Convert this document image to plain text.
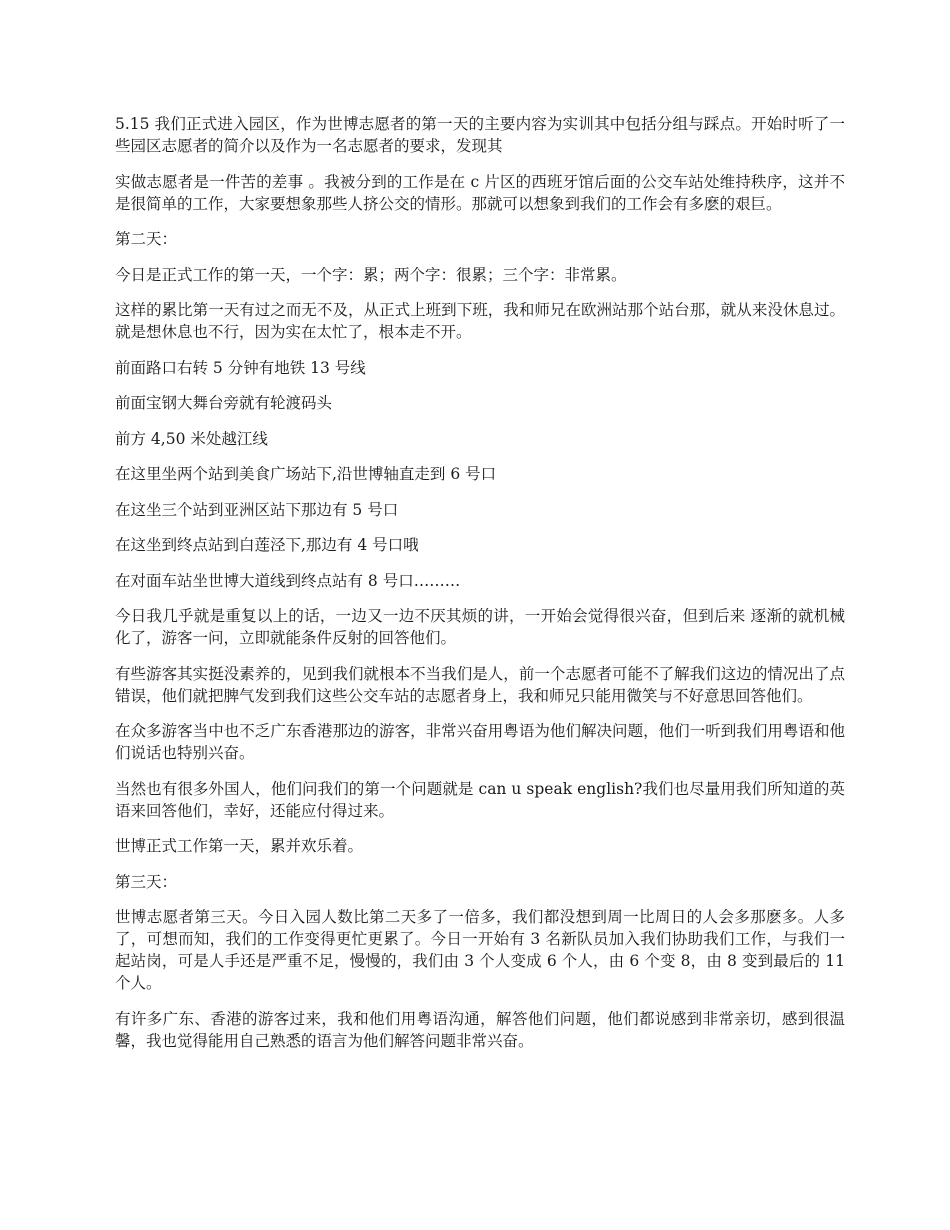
5.15 我们正式进入园区，作为世博志愿者的第一天的主要内容为实训其中包括分组与踩点。开始时听了一些园区志愿者的简介以及作为一名志愿者的要求，发现其

实做志愿者是一件苦的差事 。我被分到的工作是在 c 片区的西班牙馆后面的公交车站处维持秩序，这并不是很简单的工作，大家要想象那些人挤公交的情形。那就可以想象到我们的工作会有多麽的艰巨。

第二天：

今日是正式工作的第一天，一个字：累；两个字：很累；三个字：非常累。

这样的累比第一天有过之而无不及，从正式上班到下班，我和师兄在欧洲站那个站台那，就从来没休息过。就是想休息也不行，因为实在太忙了，根本走不开。

前面路口右转 5 分钟有地铁 13 号线

前面宝钢大舞台旁就有轮渡码头

前方 4,50 米处越江线

在这里坐两个站到美食广场站下,沿世博轴直走到 6 号口

在这坐三个站到亚洲区站下那边有 5 号口

在这坐到终点站到白莲泾下,那边有 4 号口哦

在对面车站坐世博大道线到终点站有 8 号口………

今日我几乎就是重复以上的话，一边又一边不厌其烦的讲，一开始会觉得很兴奋，但到后来 逐渐的就机械化了，游客一问，立即就能条件反射的回答他们。

有些游客其实挺没素养的，见到我们就根本不当我们是人，前一个志愿者可能不了解我们这边的情况出了点错误，他们就把脾气发到我们这些公交车站的志愿者身上，我和师兄只能用微笑与不好意思回答他们。

在众多游客当中也不乏广东香港那边的游客，非常兴奋用粤语为他们解决问题，他们一听到我们用粤语和他们说话也特别兴奋。

当然也有很多外国人，他们问我们的第一个问题就是 can u speak english?我们也尽量用我们所知道的英语来回答他们，幸好，还能应付得过来。

世博正式工作第一天，累并欢乐着。

第三天：

世博志愿者第三天。今日入园人数比第二天多了一倍多，我们都没想到周一比周日的人会多那麽多。人多了，可想而知，我们的工作变得更忙更累了。今日一开始有 3 名新队员加入我们协助我们工作，与我们一起站岗，可是人手还是严重不足，慢慢的，我们由 3 个人变成 6 个人，由 6 个变 8，由 8 变到最后的 11 个人。

有许多广东、香港的游客过来，我和他们用粤语沟通，解答他们问题，他们都说感到非常亲切，感到很温馨，我也觉得能用自己熟悉的语言为他们解答问题非常兴奋。
